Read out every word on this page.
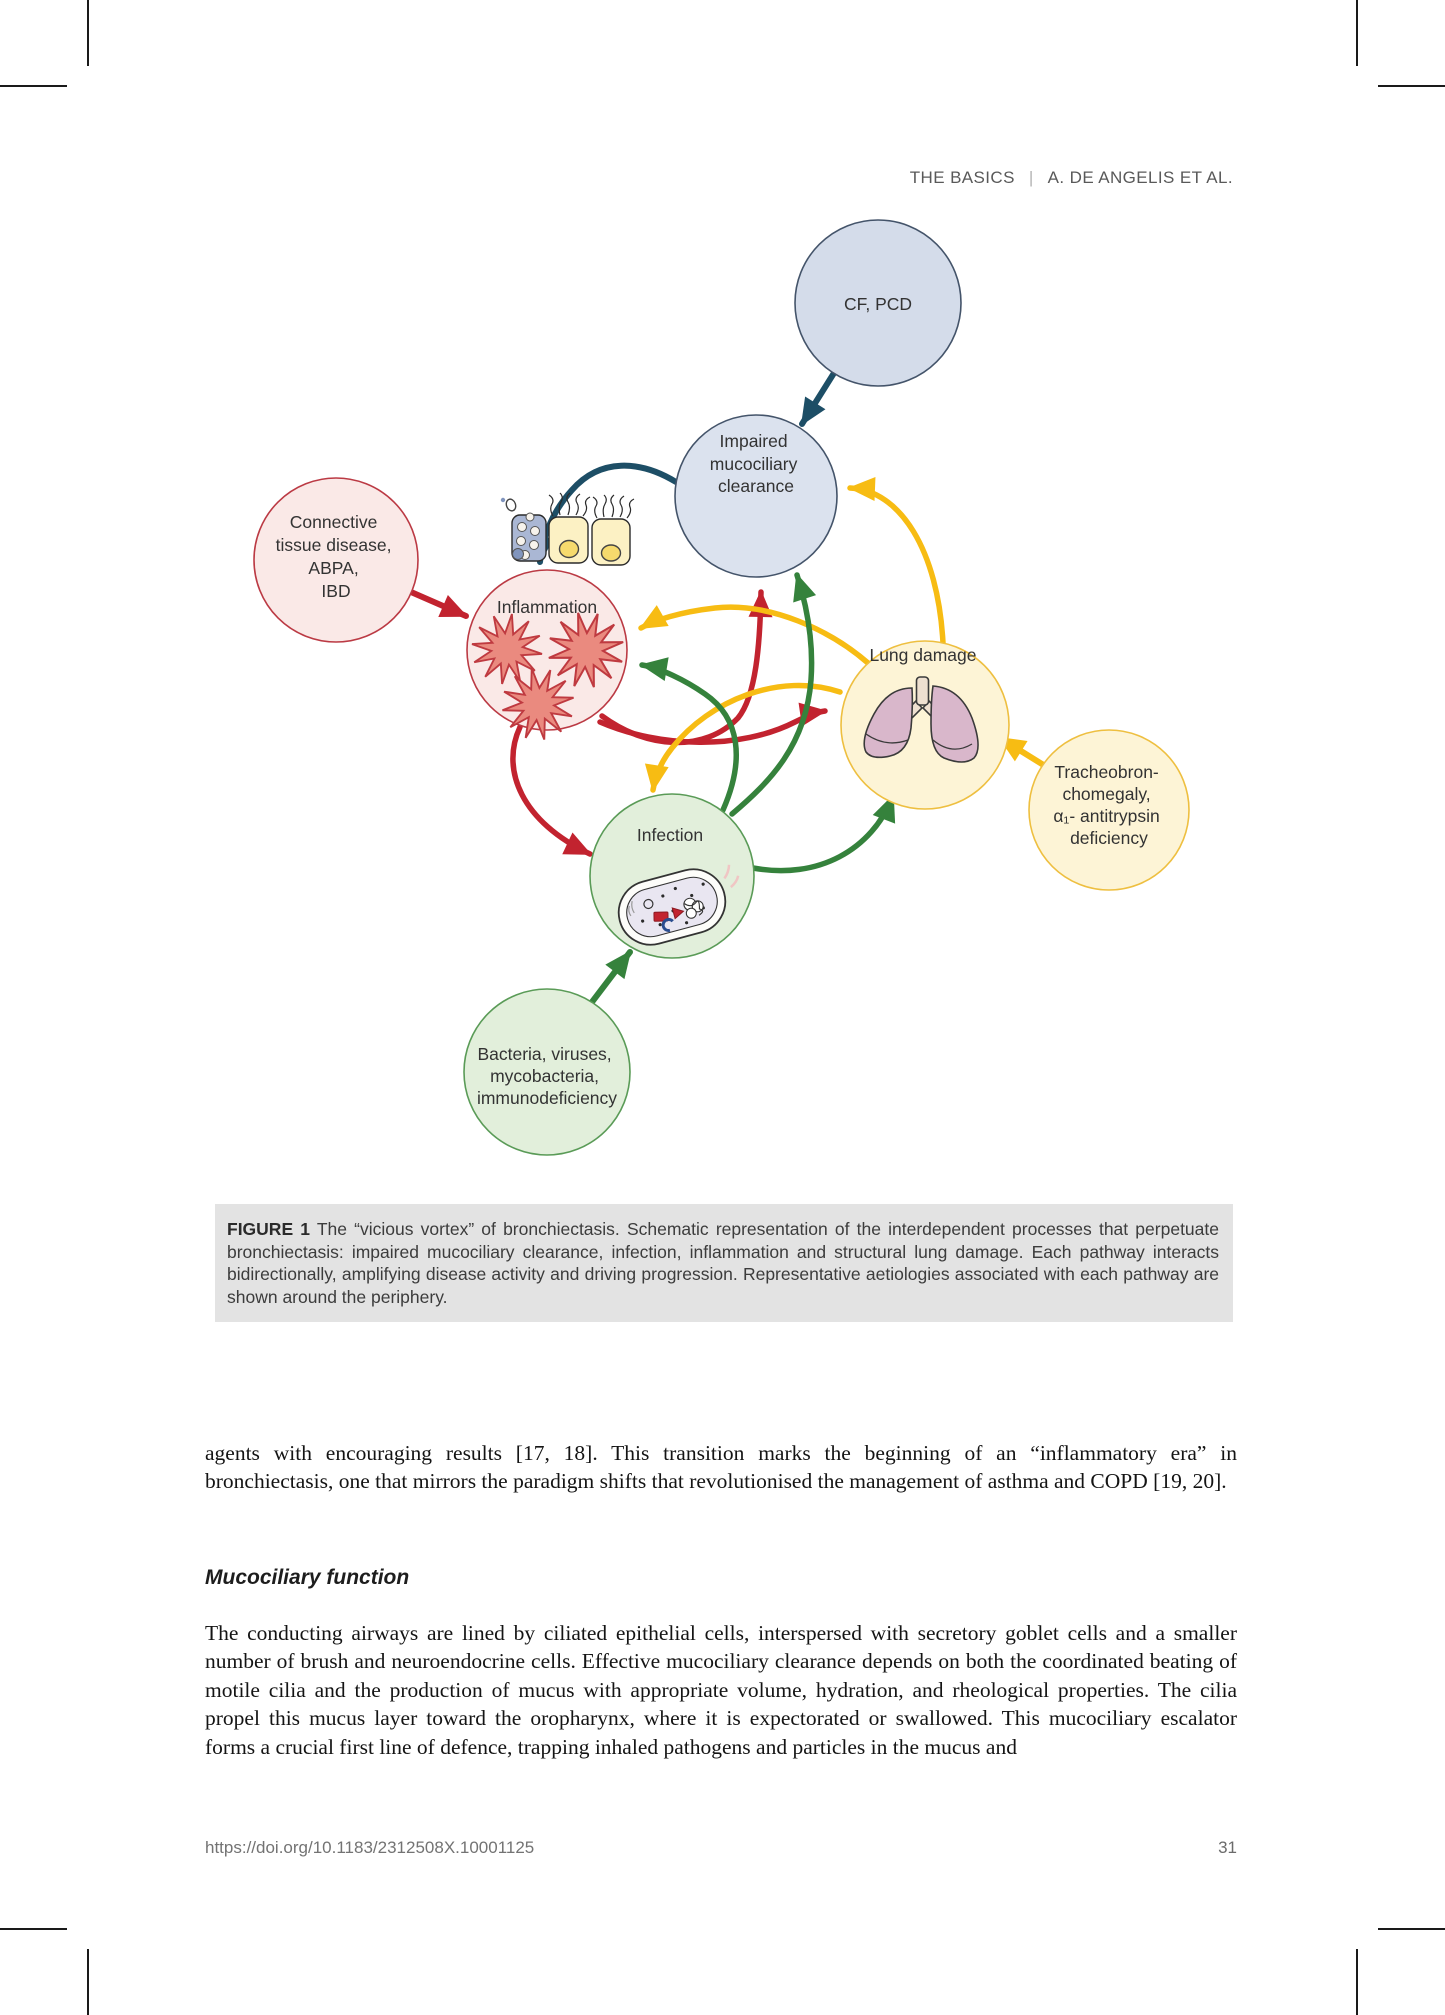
THE BASICS | A. DE ANGELIS ET AL.
CF, PCD
Impaired mucociliary clearance
Connective tissue disease, ABPA, IBD
Inflammation
Lung damage
Tracheobron- chomegaly, α₁- antitrypsin deficiency
Infection
Bacteria, viruses, mycobacteria, immunodeficiency
FIGURE 1 The “vicious vortex” of bronchiectasis. Schematic representation of the interdependent processes that perpetuate bronchiectasis: impaired mucociliary clearance, infection, inflammation and structural lung damage. Each pathway interacts bidirectionally, amplifying disease activity and driving progression. Representative aetiologies associated with each pathway are shown around the periphery.

agents with encouraging results [17, 18]. This transition marks the beginning of an “inflammatory era” in bronchiectasis, one that mirrors the paradigm shifts that revolutionised the management of asthma and COPD [19, 20].

Mucociliary function

The conducting airways are lined by ciliated epithelial cells, interspersed with secretory goblet cells and a smaller number of brush and neuroendocrine cells. Effective mucociliary clearance depends on both the coordinated beating of motile cilia and the production of mucus with appropriate volume, hydration, and rheological properties. The cilia propel this mucus layer toward the oropharynx, where it is expectorated or swallowed. This mucociliary escalator forms a crucial first line of defence, trapping inhaled pathogens and particles in the mucus and

https://doi.org/10.1183/2312508X.10001125	31
